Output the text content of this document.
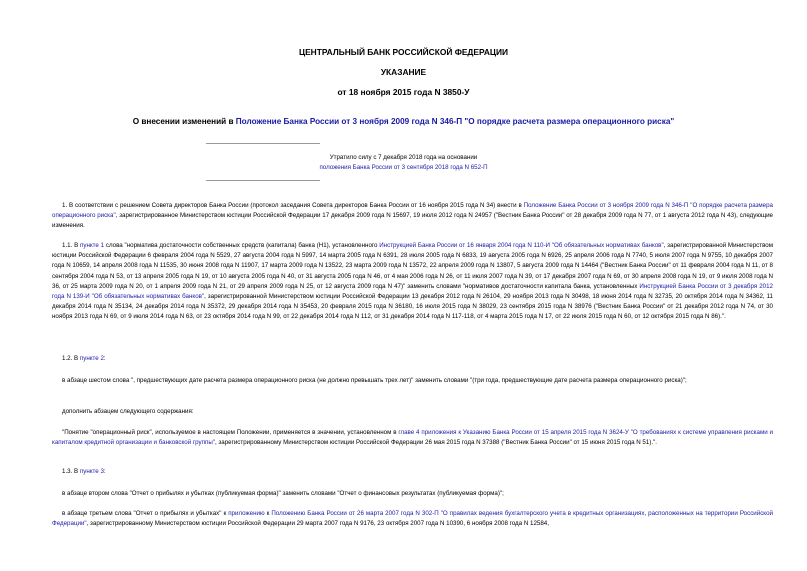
ЦЕНТРАЛЬНЫЙ БАНК РОССИЙСКОЙ ФЕДЕРАЦИИ
УКАЗАНИЕ
от 18 ноября 2015 года N 3850-У
О внесении изменений в Положение Банка России от 3 ноября 2009 года N 346-П "О порядке расчета размера операционного риска"
Утратило силу с 7 декабря 2018 года на основании
положения Банка России от 3 сентября 2018 года N 652-П
1. В соответствии с решением Совета директоров Банка России (протокол заседания Совета директоров Банка России от 16 ноября 2015 года N 34) внести в Положение Банка России от 3 ноября 2009 года N 346-П "О порядке расчета размера операционного риска", зарегистрированное Министерством юстиции Российской Федерации 17 декабря 2009 года N 15697, 19 июля 2012 года N 24957 ("Вестник Банка России" от 28 декабря 2009 года N 77, от 1 августа 2012 года N 43), следующие изменения.
1.1. В пункте 1 слова "норматива достаточности собственных средств (капитала) банка (Н1), установленного Инструкцией Банка России от 16 января 2004 года N 110-И "Об обязательных нормативах банков", зарегистрированной Министерством юстиции Российской Федерации 6 февраля 2004 года N 5529, 27 августа 2004 года N 5997, 14 марта 2005 года N 6391, 28 июля 2005 года N 6833, 19 августа 2005 года N 6926, 25 апреля 2006 года N 7740, 5 июля 2007 года N 9755, 10 декабря 2007 года N 10659, 14 апреля 2008 года N 11535, 30 июня 2008 года N 11907, 17 марта 2009 года N 13522, 23 марта 2009 года N 13572, 22 апреля 2009 года N 13807, 5 августа 2009 года N 14464 ("Вестник Банка России" от 11 февраля 2004 года N 11, от 8 сентября 2004 года N 53, от 13 апреля 2005 года N 19, от 10 августа 2005 года N 40, от 31 августа 2005 года N 46, от 4 мая 2006 года N 26, от 11 июля 2007 года N 39, от 17 декабря 2007 года N 69, от 30 апреля 2008 года N 19, от 9 июля 2008 года N 36, от 25 марта 2009 года N 20, от 1 апреля 2009 года N 21, от 29 апреля 2009 года N 25, от 12 августа 2009 года N 47)" заменить словами "нормативов достаточности капитала банка, установленных Инструкцией Банка России от 3 декабря 2012 года N 139-И "Об обязательных нормативах банков", зарегистрированной Министерством юстиции Российской Федерации 13 декабря 2012 года N 26104, 29 ноября 2013 года N 30498, 18 июня 2014 года N 32735, 20 октября 2014 года N 34362, 11 декабря 2014 года N 35134, 24 декабря 2014 года N 35372, 29 декабря 2014 года N 35453, 20 февраля 2015 года N 36180, 16 июля 2015 года N 38029, 23 сентября 2015 года N 38976 ("Вестник Банка России" от 21 декабря 2012 года N 74, от 30 ноября 2013 года N 69, от 9 июля 2014 года N 63, от 23 октября 2014 года N 99, от 22 декабря 2014 года N 112, от 31 декабря 2014 года N 117-118, от 4 марта 2015 года N 17, от 22 июля 2015 года N 60, от 12 октября 2015 года N 86).".
1.2. В пункте 2:
в абзаце шестом слова ", предшествующих дате расчета размера операционного риска (не должно превышать трех лет)" заменить словами "(три года, предшествующие дате расчета размера операционного риска)";
дополнить абзацем следующего содержания:
"Понятие "операционный риск", используемое в настоящем Положении, применяется в значении, установленном в главе 4 приложения к Указанию Банка России от 15 апреля 2015 года N 3624-У "О требованиях к системе управления рисками и капиталом кредитной организации и банковской группы", зарегистрированному Министерством юстиции Российской Федерации 26 мая 2015 года N 37388 ("Вестник Банка России" от 15 июня 2015 года N 51).".
1.3. В пункте 3:
в абзаце втором слова "Отчет о прибылях и убытках (публикуемая форма)" заменить словами "Отчет о финансовых результатах (публикуемая форма)";
в абзаце третьем слова "Отчет о прибылях и убытках" к приложению к Положению Банка России от 26 марта 2007 года N 302-П "О правилах ведения бухгалтерского учета в кредитных организациях, расположенных на территории Российской Федерации", зарегистрированному Министерством юстиции Российской Федерации 29 марта 2007 года N 9176, 23 октября 2007 года N 10390, 6 ноября 2008 года N 12584,
